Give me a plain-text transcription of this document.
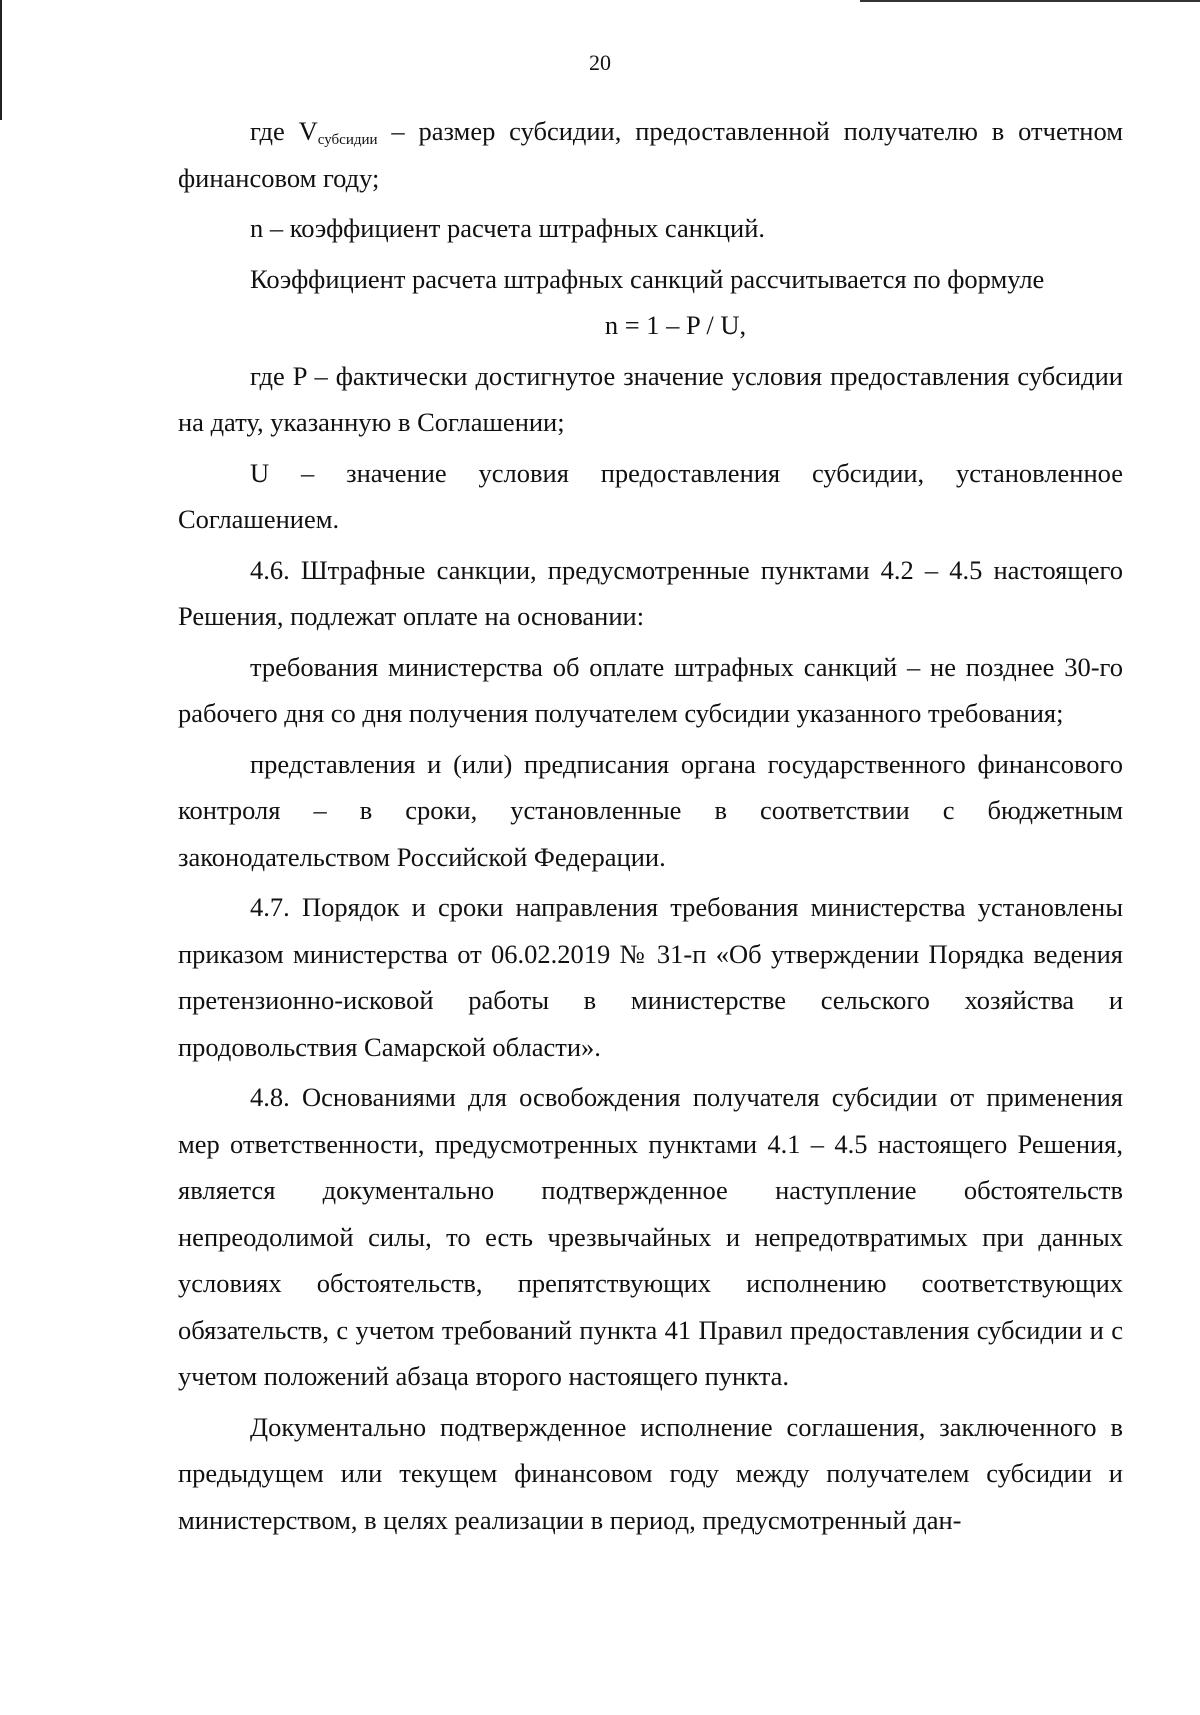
20

где $V_{субсидии}$ – размер субсидии, предоставленной получателю в отчетном финансовом году;

n – коэффициент расчета штрафных санкций.

Коэффициент расчета штрафных санкций рассчитывается по формуле

n = 1 – P / U,

где P – фактически достигнутое значение условия предоставления субсидии на дату, указанную в Соглашении;

U – значение условия предоставления субсидии, установленное Соглашением.

4.6. Штрафные санкции, предусмотренные пунктами 4.2 – 4.5 настоящего Решения, подлежат оплате на основании:

требования министерства об оплате штрафных санкций – не позднее 30-го рабочего дня со дня получения получателем субсидии указанного требования;

представления и (или) предписания органа государственного финансового контроля – в сроки, установленные в соответствии с бюджетным законодательством Российской Федерации.

4.7. Порядок и сроки направления требования министерства установлены приказом министерства от 06.02.2019 № 31-п «Об утверждении Порядка ведения претензионно-исковой работы в министерстве сельского хозяйства и продовольствия Самарской области».

4.8. Основаниями для освобождения получателя субсидии от применения мер ответственности, предусмотренных пунктами 4.1 – 4.5 настоящего Решения, является документально подтвержденное наступление обстоятельств непреодолимой силы, то есть чрезвычайных и непредотвратимых при данных условиях обстоятельств, препятствующих исполнению соответствующих обязательств, с учетом требований пункта 41 Правил предоставления субсидии и с учетом положений абзаца второго настоящего пункта.

Документально подтвержденное исполнение соглашения, заключенного в предыдущем или текущем финансовом году между получателем субсидии и министерством, в целях реализации в период, предусмотренный дан-
